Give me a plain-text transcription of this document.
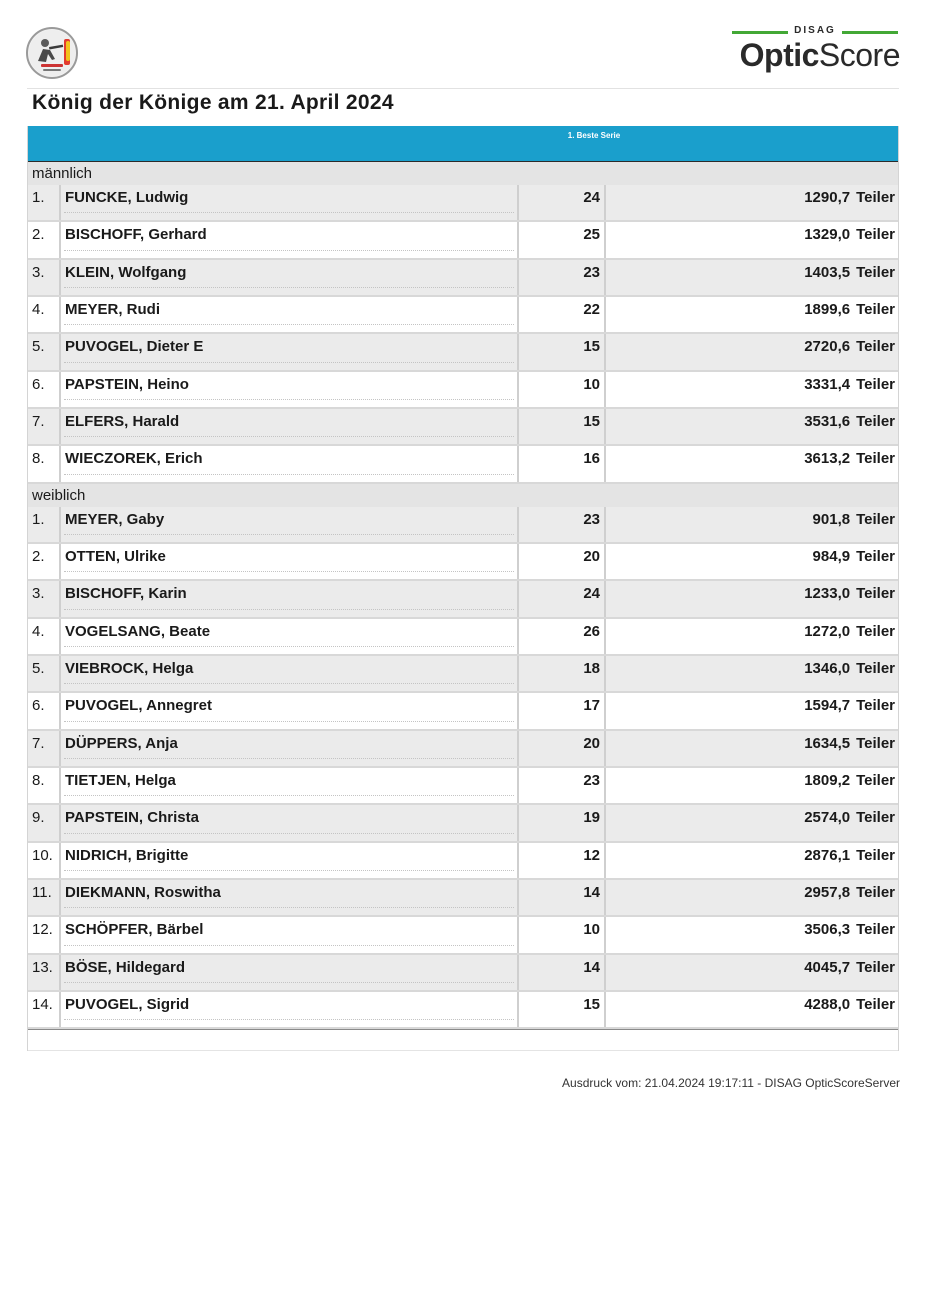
DISAG
OpticScore
König der Könige am 21. April 2024
1. Beste Serie
männlich
1. FUNCKE, Ludwig	24	1290,7 Teiler
2. BISCHOFF, Gerhard	25	1329,0 Teiler
3. KLEIN, Wolfgang	23	1403,5 Teiler
4. MEYER, Rudi	22	1899,6 Teiler
5. PUVOGEL, Dieter E	15	2720,6 Teiler
6. PAPSTEIN, Heino	10	3331,4 Teiler
7. ELFERS, Harald	15	3531,6 Teiler
8. WIECZOREK, Erich	16	3613,2 Teiler
weiblich
1. MEYER, Gaby	23	901,8 Teiler
2. OTTEN, Ulrike	20	984,9 Teiler
3. BISCHOFF, Karin	24	1233,0 Teiler
4. VOGELSANG, Beate	26	1272,0 Teiler
5. VIEBROCK, Helga	18	1346,0 Teiler
6. PUVOGEL, Annegret	17	1594,7 Teiler
7. DÜPPERS, Anja	20	1634,5 Teiler
8. TIETJEN, Helga	23	1809,2 Teiler
9. PAPSTEIN, Christa	19	2574,0 Teiler
10. NIDRICH, Brigitte	12	2876,1 Teiler
11. DIEKMANN, Roswitha	14	2957,8 Teiler
12. SCHÖPFER, Bärbel	10	3506,3 Teiler
13. BÖSE, Hildegard	14	4045,7 Teiler
14. PUVOGEL, Sigrid	15	4288,0 Teiler
Ausdruck vom: 21.04.2024 19:17:11 - DISAG OpticScoreServer
